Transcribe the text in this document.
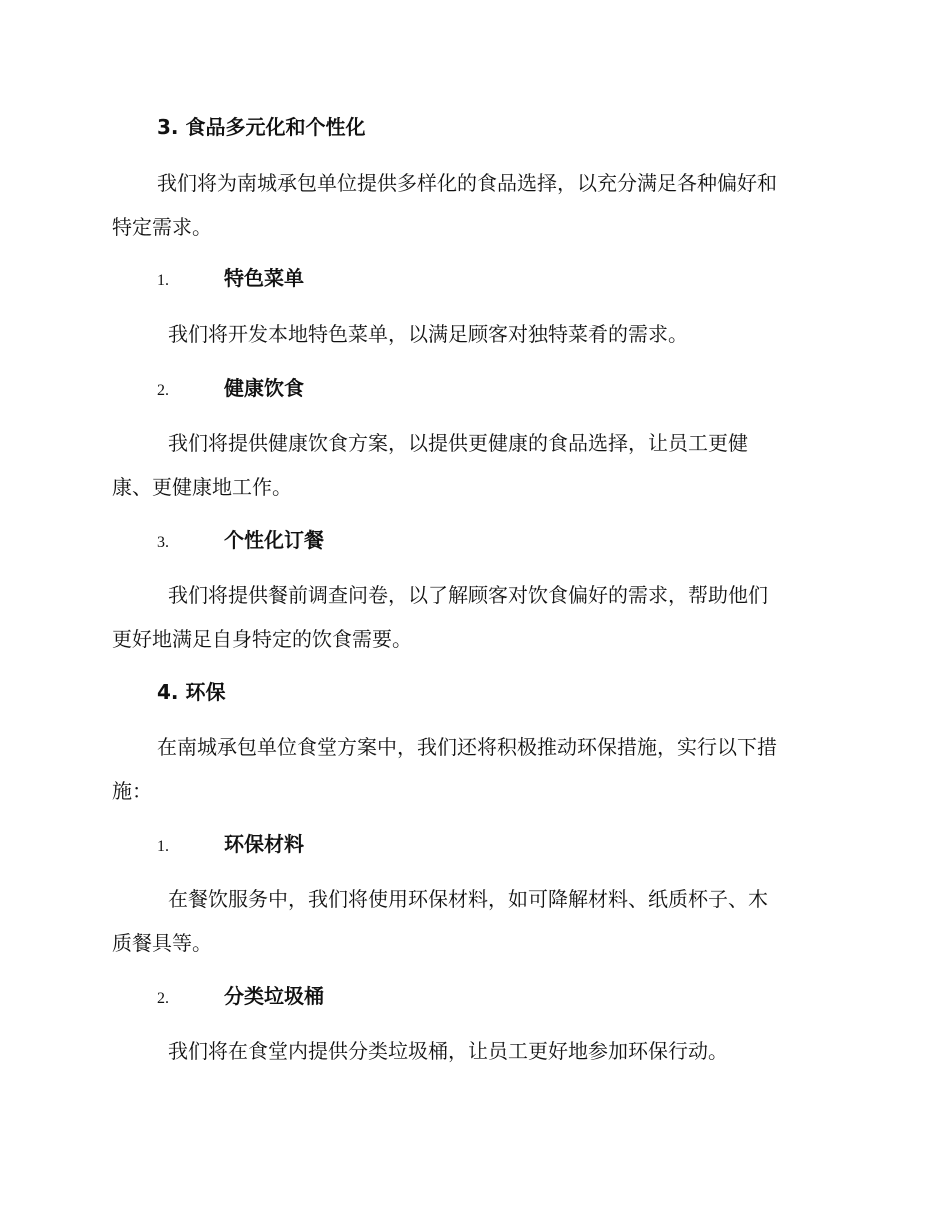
3. 食品多元化和个性化
我们将为南城承包单位提供多样化的食品选择，以充分满足各种偏好和
特定需求。
1.	特色菜单
我们将开发本地特色菜单，以满足顾客对独特菜肴的需求。
2.	健康饮食
我们将提供健康饮食方案，以提供更健康的食品选择，让员工更健
康、更健康地工作。
3.	个性化订餐
我们将提供餐前调查问卷，以了解顾客对饮食偏好的需求，帮助他们
更好地满足自身特定的饮食需要。
4. 环保
在南城承包单位食堂方案中，我们还将积极推动环保措施，实行以下措
施：
1.	环保材料
在餐饮服务中，我们将使用环保材料，如可降解材料、纸质杯子、木
质餐具等。
2.	分类垃圾桶
我们将在食堂内提供分类垃圾桶，让员工更好地参加环保行动。
